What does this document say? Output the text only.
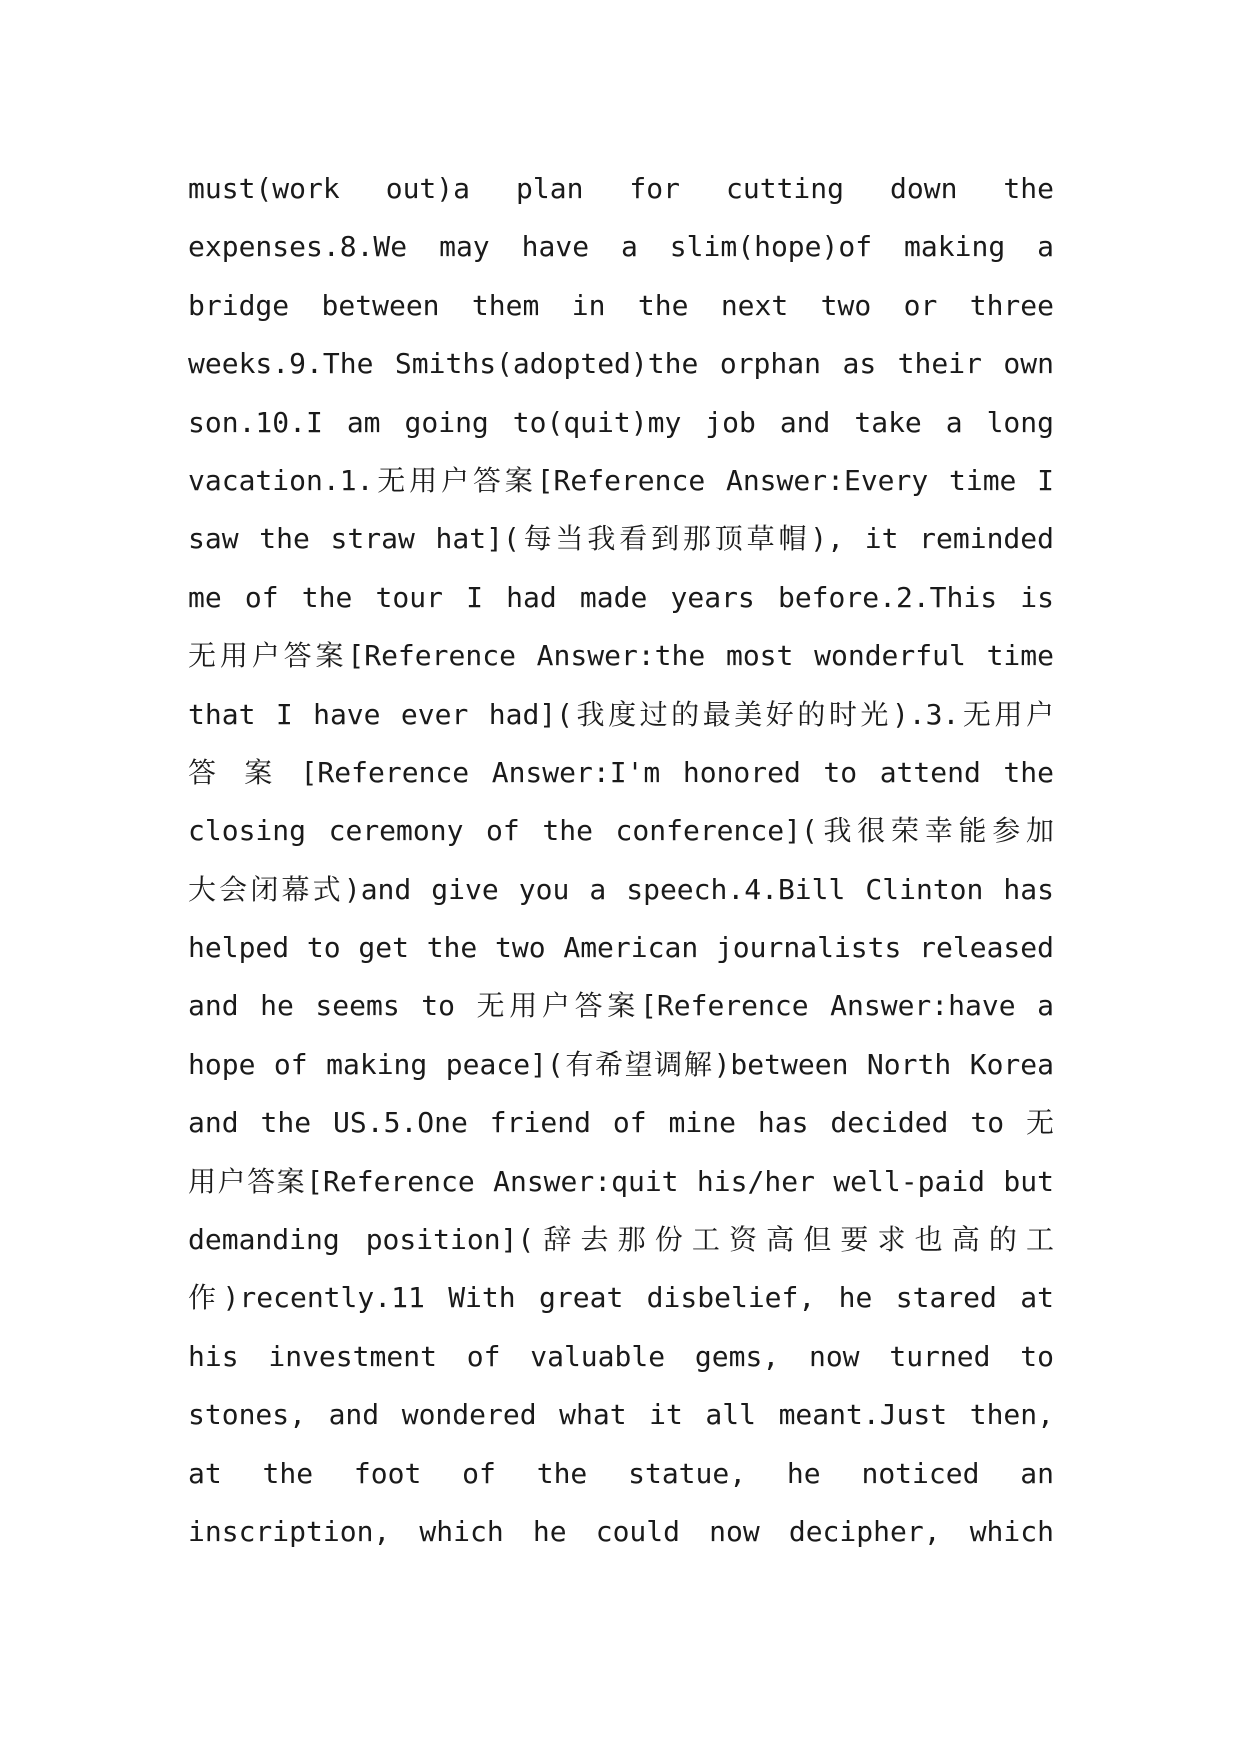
must(work out)a plan for cutting down the
expenses.8.We may have a slim(hope)of making a
bridge between them in the next two or three
weeks.9.The Smiths(adopted)the orphan as their own
son.10.I am going to(quit)my job and take a long
vacation.1.无用户答案[Reference Answer:Every time I
saw the straw hat](每当我看到那顶草帽), it reminded
me of the tour I had made years before.2.This is
无用户答案[Reference Answer:the most wonderful time
that I have ever had](我度过的最美好的时光).3.无用户
答 案 [Reference Answer:I'm honored to attend the
closing ceremony of the conference](我很荣幸能参加
大会闭幕式)and give you a speech.4.Bill Clinton has
helped to get the two American journalists released
and he seems to 无用户答案[Reference Answer:have a
hope of making peace](有希望调解)between North Korea
and the US.5.One friend of mine has decided to 无
用户答案[Reference Answer:quit his/her well-paid but
demanding position](辞去那份工资高但要求也高的工
作)recently.11 With great disbelief, he stared at
his investment of valuable gems, now turned to
stones, and wondered what it all meant.Just then,
at the foot of the statue, he noticed an
inscription, which he could now decipher, which
